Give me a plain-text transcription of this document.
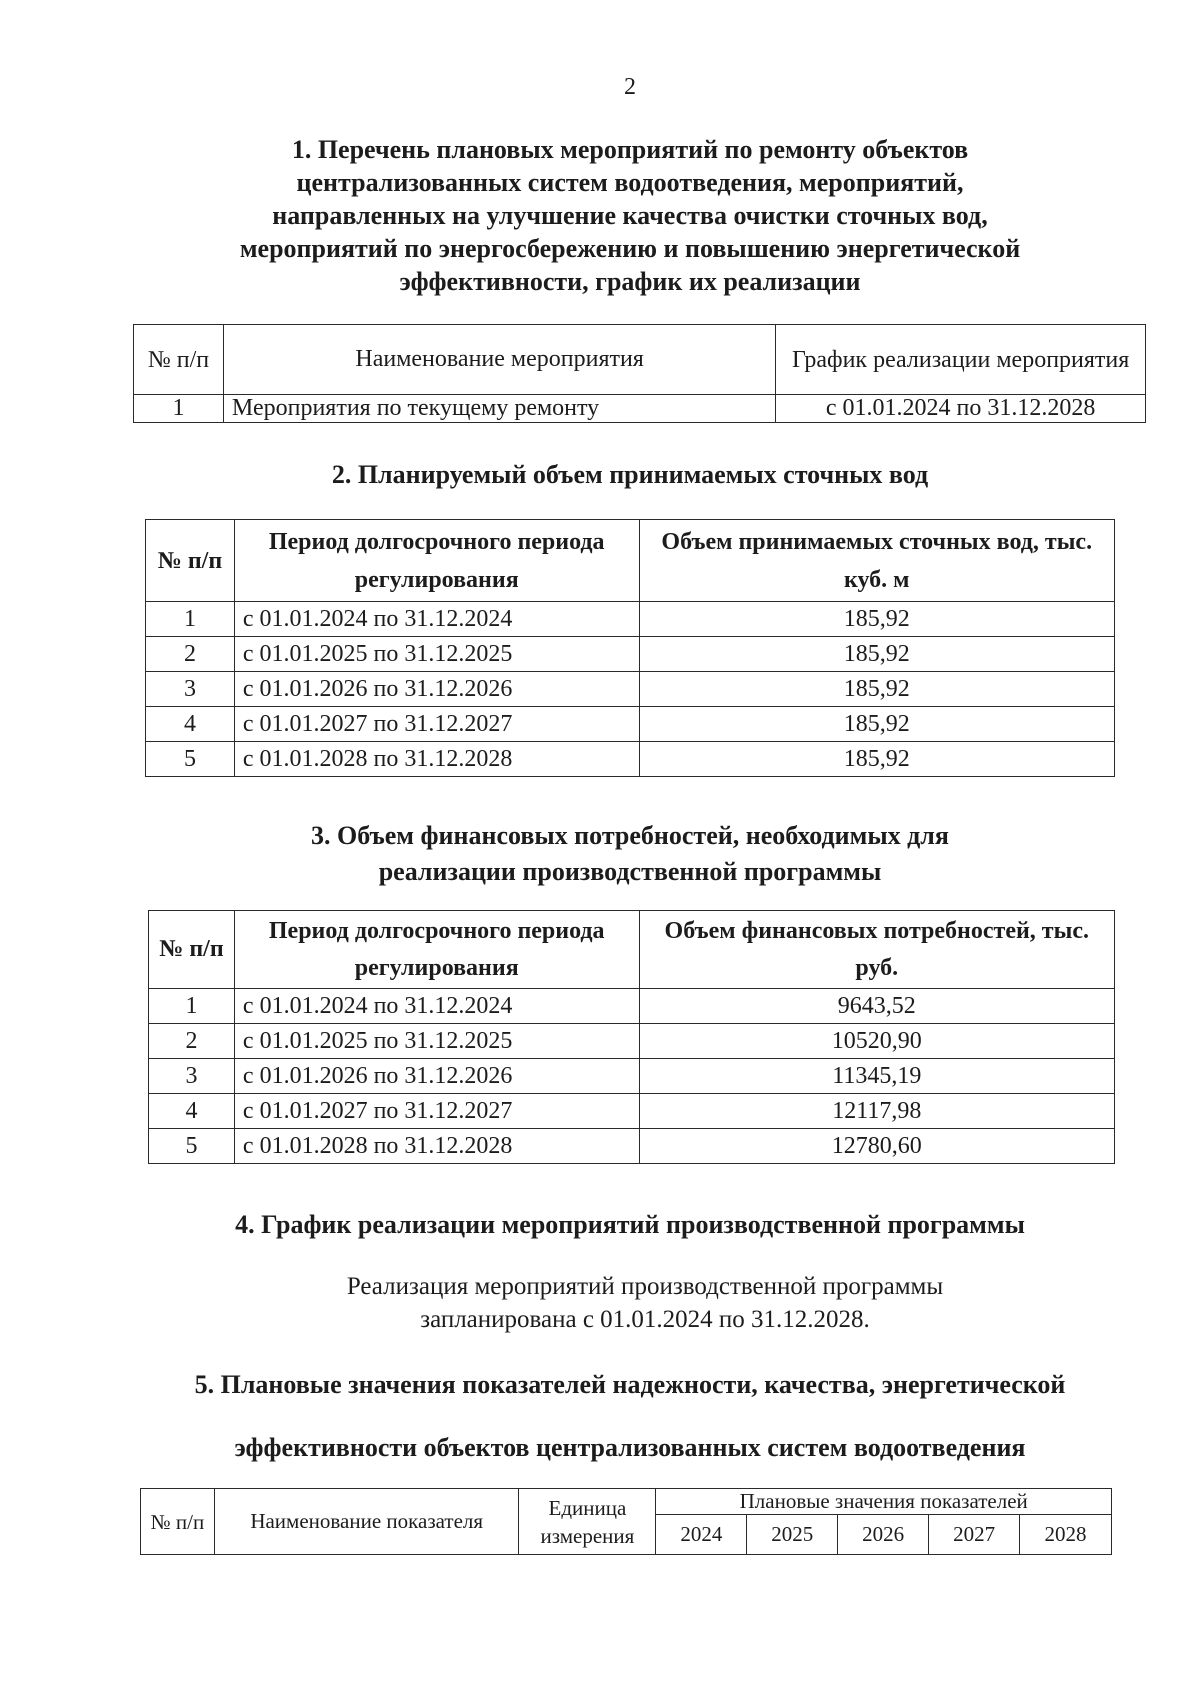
2
1. Перечень плановых мероприятий по ремонту объектов
централизованных систем водоотведения, мероприятий,
направленных на улучшение качества очистки сточных вод,
мероприятий по энергосбережению и повышению энергетической
эффективности, график их реализации
№ п/п	Наименование мероприятия	График реализации мероприятия
1	Мероприятия по текущему ремонту	с 01.01.2024 по 31.12.2028
2. Планируемый объем принимаемых сточных вод
№ п/п	Период долгосрочного периода регулирования	Объем принимаемых сточных вод, тыс. куб. м
1	с 01.01.2024 по 31.12.2024	185,92
2	с 01.01.2025 по 31.12.2025	185,92
3	с 01.01.2026 по 31.12.2026	185,92
4	с 01.01.2027 по 31.12.2027	185,92
5	с 01.01.2028 по 31.12.2028	185,92
3. Объем финансовых потребностей, необходимых для
реализации производственной программы
№ п/п	Период долгосрочного периода регулирования	Объем финансовых потребностей, тыс. руб.
1	с 01.01.2024 по 31.12.2024	9643,52
2	с 01.01.2025 по 31.12.2025	10520,90
3	с 01.01.2026 по 31.12.2026	11345,19
4	с 01.01.2027 по 31.12.2027	12117,98
5	с 01.01.2028 по 31.12.2028	12780,60
4. График реализации мероприятий производственной программы
Реализация мероприятий производственной программы
запланирована с 01.01.2024 по 31.12.2028.
5. Плановые значения показателей надежности, качества, энергетической
эффективности объектов централизованных систем водоотведения
№ п/п	Наименование показателя	Единица измерения	Плановые значения показателей				
			2024	2025	2026	2027	2028
